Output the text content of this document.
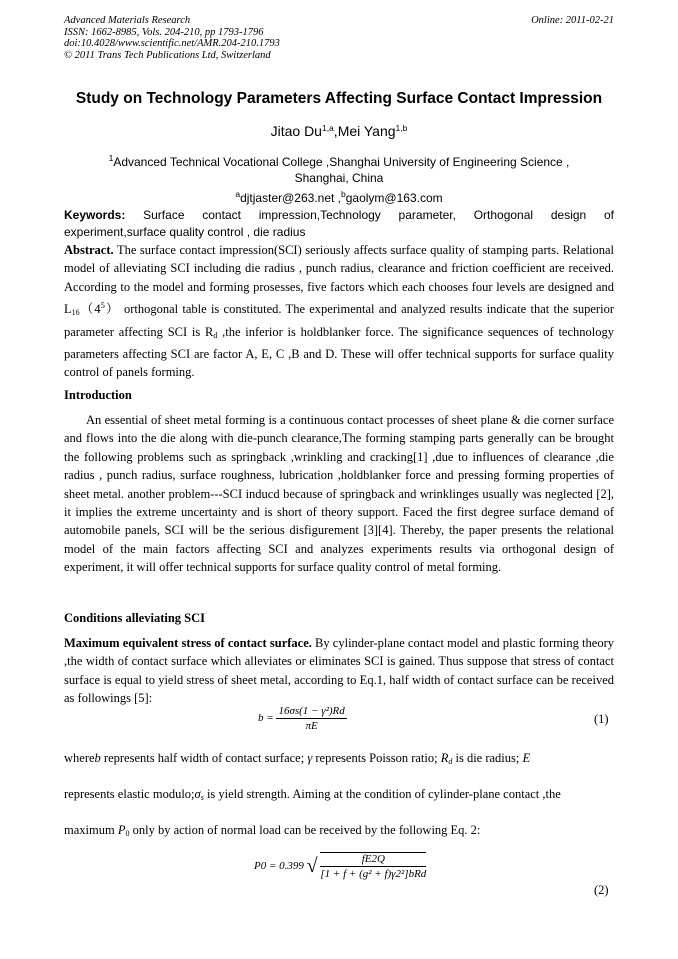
Advanced Materials Research
ISSN: 1662-8985, Vols. 204-210, pp 1793-1796
doi:10.4028/www.scientific.net/AMR.204-210.1793
© 2011 Trans Tech Publications Ltd, Switzerland
Online: 2011-02-21
Study on Technology Parameters Affecting Surface Contact Impression
Jitao Du$^{1,a}$,Mei Yang$^{1,b}$
$^1$Advanced Technical Vocational College ,Shanghai University of Engineering Science ,
Shanghai, China
$^a$djtjaster@263.net ,$^b$gaolym@163.com
Keywords: Surface contact impression,Technology parameter, Orthogonal design of experiment,surface quality control , die radius
Abstract. The surface contact impression(SCI) seriously affects surface quality of stamping parts. Relational model of alleviating SCI including die radius , punch radius, clearance and friction coefficient are received. According to the model and forming prosesses, five factors which each chooses four levels are designed and $L_{16}(4^5)$ orthogonal table is constituted. The experimental and analyzed results indicate that the superior parameter affecting SCI is $R_d$ ,the inferior is holdblanker force. The significance sequences of technology parameters affecting SCI are factor A, E, C ,B and D. These will offer technical supports for surface quality control of panels forming.
Introduction
An essential of sheet metal forming is a continuous contact processes of sheet plane & die corner surface and flows into the die along with die-punch clearance,The forming stamping parts generally can be brought the following problems such as springback ,wrinkling and cracking[1] ,due to influences of clearance ,die radius , punch radius, surface roughness, lubrication ,holdblanker force and pressing forming properties of sheet metal. another problem---SCI inducd because of springback and wrinklinges usually was neglected [2], it implies the extreme uncertainty and is short of theory support. Faced the first degree surface demand of automobile panels, SCI will be the serious disfigurement [3][4]. Thereby, the paper presents the relational model of the main factors affecting SCI and analyzes experiments results via orthogonal design of experiment, it will offer technical supports for surface quality control of metal forming.
Conditions alleviating SCI
Maximum equivalent stress of contact surface. By cylinder-plane contact model and plastic forming theory ,the width of contact surface which alleviates or eliminates SCI is gained. Thus suppose that stress of contact surface is equal to yield stress of sheet metal, according to Eq.1, half width of contact surface can be received as followings [5]:
$b = \frac{\text{16σs(1 − γ²)Rd}}{\pi E}$	(1)
whereb represents half width of contact surface; γ represents Poisson ratio; $R_d$ is die radius; E
represents elastic $modulo;\sigma_s$ is yield strength. Aiming at the condition of cylinder-plane contact ,the
maximum $P_0$ only by action of normal load can be received by the following Eq. 2:
P0 = 0.399 √ $\frac{fE2Q}{\text{[1 + f + (g² + f)γ2²]bRd}}$
(2)
